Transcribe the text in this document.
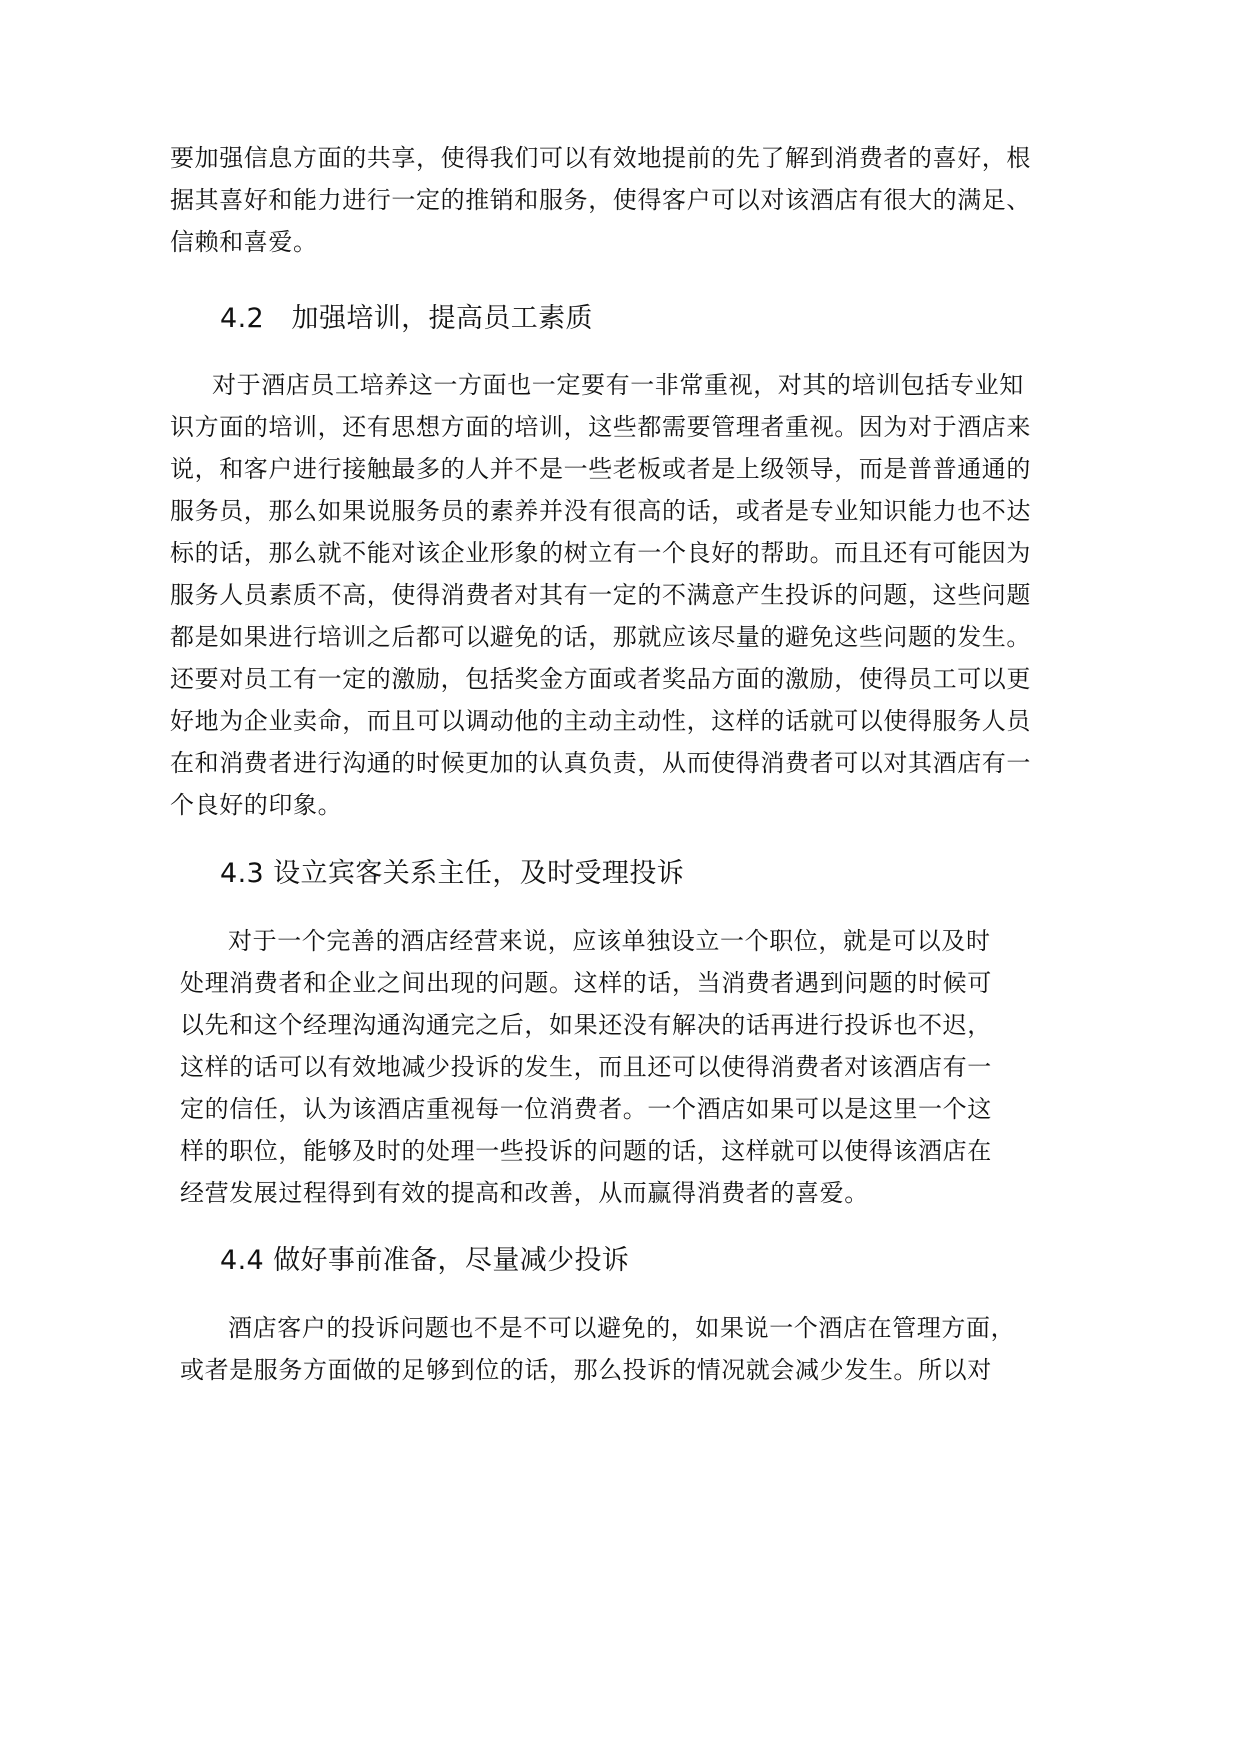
要加强信息方面的共享，使得我们可以有效地提前的先了解到消费者的喜好，根
据其喜好和能力进行一定的推销和服务，使得客户可以对该酒店有很大的满足、
信赖和喜爱。
4.2　加强培训，提高员工素质
对于酒店员工培养这一方面也一定要有一非常重视，对其的培训包括专业知
识方面的培训，还有思想方面的培训，这些都需要管理者重视。因为对于酒店来
说，和客户进行接触最多的人并不是一些老板或者是上级领导，而是普普通通的
服务员，那么如果说服务员的素养并没有很高的话，或者是专业知识能力也不达
标的话，那么就不能对该企业形象的树立有一个良好的帮助。而且还有可能因为
服务人员素质不高，使得消费者对其有一定的不满意产生投诉的问题，这些问题
都是如果进行培训之后都可以避免的话，那就应该尽量的避免这些问题的发生。
还要对员工有一定的激励，包括奖金方面或者奖品方面的激励，使得员工可以更
好地为企业卖命，而且可以调动他的主动主动性，这样的话就可以使得服务人员
在和消费者进行沟通的时候更加的认真负责，从而使得消费者可以对其酒店有一
个良好的印象。
4.3 设立宾客关系主任，及时受理投诉
对于一个完善的酒店经营来说，应该单独设立一个职位，就是可以及时
处理消费者和企业之间出现的问题。这样的话，当消费者遇到问题的时候可
以先和这个经理沟通沟通完之后，如果还没有解决的话再进行投诉也不迟，
这样的话可以有效地减少投诉的发生，而且还可以使得消费者对该酒店有一
定的信任，认为该酒店重视每一位消费者。一个酒店如果可以是这里一个这
样的职位，能够及时的处理一些投诉的问题的话，这样就可以使得该酒店在
经营发展过程得到有效的提高和改善，从而赢得消费者的喜爱。
4.4 做好事前准备，尽量减少投诉
酒店客户的投诉问题也不是不可以避免的，如果说一个酒店在管理方面，
或者是服务方面做的足够到位的话，那么投诉的情况就会减少发生。所以对
